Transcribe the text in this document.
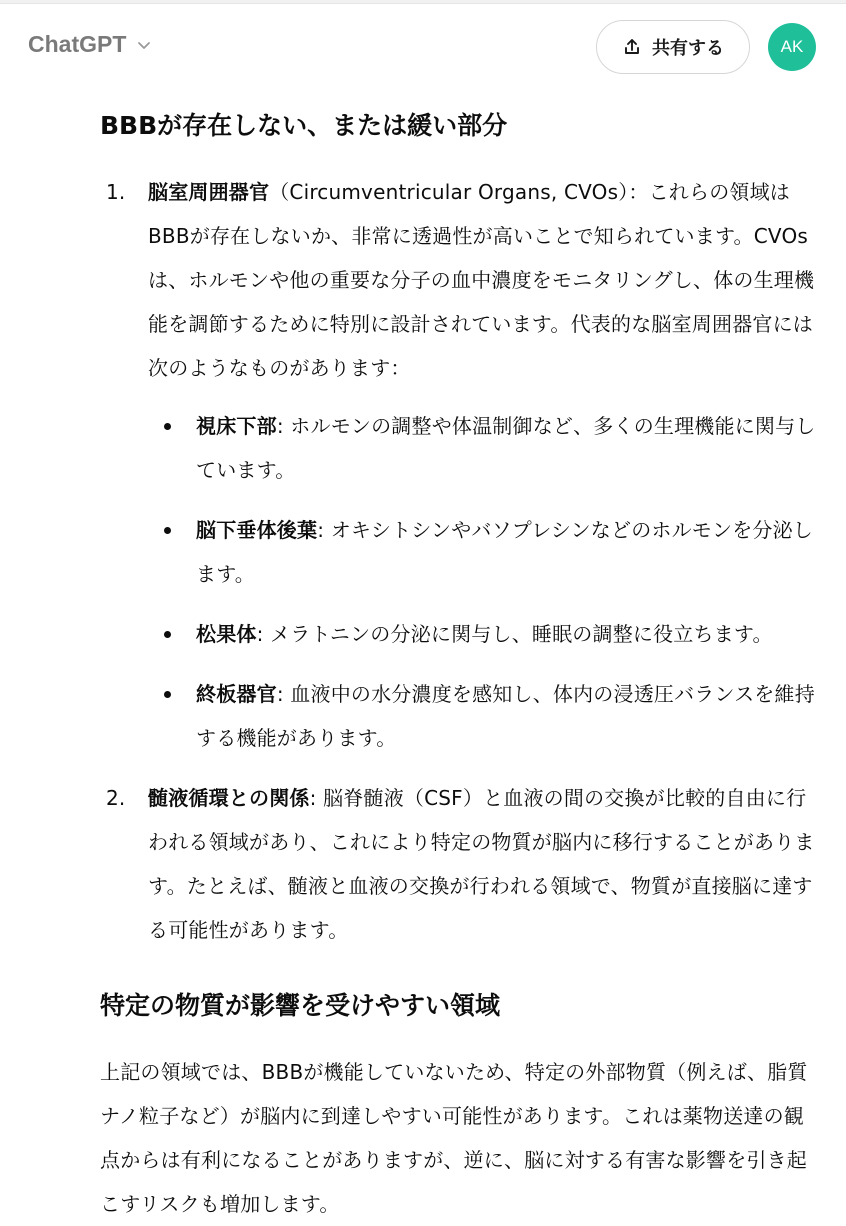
ChatGPT	共有する	AK
BBBが存在しない、または緩い部分
1. 脳室周囲器官（Circumventricular Organs, CVOs）：これらの領域はBBBが存在しないか、非常に透過性が高いことで知られています。CVOsは、ホルモンや他の重要な分子の血中濃度をモニタリングし、体の生理機能を調節するために特別に設計されています。代表的な脳室周囲器官には次のようなものがあります：
視床下部: ホルモンの調整や体温制御など、多くの生理機能に関与しています。
脳下垂体後葉: オキシトシンやバソプレシンなどのホルモンを分泌します。
松果体: メラトニンの分泌に関与し、睡眠の調整に役立ちます。
終板器官: 血液中の水分濃度を感知し、体内の浸透圧バランスを維持する機能があります。
2. 髄液循環との関係: 脳脊髄液（CSF）と血液の間の交換が比較的自由に行われる領域があり、これにより特定の物質が脳内に移行することがあります。たとえば、髄液と血液の交換が行われる領域で、物質が直接脳に達する可能性があります。
特定の物質が影響を受けやすい領域

上記の領域では、BBBが機能していないため、特定の外部物質（例えば、脂質ナノ粒子など）が脳内に到達しやすい可能性があります。これは薬物送達の観点からは有利になることがありますが、逆に、脳に対する有害な影響を引き起こすリスクも増加します。
